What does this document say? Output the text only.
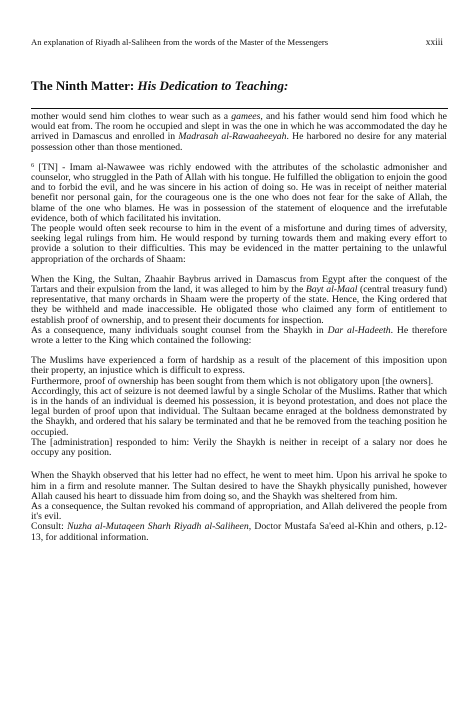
An explanation of Riyadh al-Saliheen from the words of the Master of the Messengers	xxiii
The Ninth Matter: His Dedication to Teaching:

mother would send him clothes to wear such as a gamees, and his father would send him food which he would eat from. The room he occupied and slept in was the one in which he was accommodated the day he arrived in Damascus and enrolled in Madrasah al-Rawaaheeyah. He harbored no desire for any material possession other than those mentioned.

$^6$ [TN] - Imam al-Nawawee was richly endowed with the attributes of the scholastic admonisher and counselor, who struggled in the Path of Allah with his tongue. He fulfilled the obligation to enjoin the good and to forbid the evil, and he was sincere in his action of doing so. He was in receipt of neither material benefit nor personal gain, for the courageous one is the one who does not fear for the sake of Allah, the blame of the one who blames. He was in possession of the statement of eloquence and the irrefutable evidence, both of which facilitated his invitation.

The people would often seek recourse to him in the event of a misfortune and during times of adversity, seeking legal rulings from him. He would respond by turning towards them and making every effort to provide a solution to their difficulties. This may be evidenced in the matter pertaining to the unlawful appropriation of the orchards of Shaam:

When the King, the Sultan, Zhaahir Baybrus arrived in Damascus from Egypt after the conquest of the Tartars and their expulsion from the land, it was alleged to him by the Bayt al-Maal (central treasury fund) representative, that many orchards in Shaam were the property of the state. Hence, the King ordered that they be withheld and made inaccessible. He obligated those who claimed any form of entitlement to establish proof of ownership, and to present their documents for inspection.

As a consequence, many individuals sought counsel from the Shaykh in Dar al-Hadeeth. He therefore wrote a letter to the King which contained the following:

The Muslims have experienced a form of hardship as a result of the placement of this imposition upon their property, an injustice which is difficult to express.

Furthermore, proof of ownership has been sought from them which is not obligatory upon [the owners].

Accordingly, this act of seizure is not deemed lawful by a single Scholar of the Muslims. Rather that which is in the hands of an individual is deemed his possession, it is beyond protestation, and does not place the legal burden of proof upon that individual. The Sultaan became enraged at the boldness demonstrated by the Shaykh, and ordered that his salary be terminated and that he be removed from the teaching position he occupied.

The [administration] responded to him: Verily the Shaykh is neither in receipt of a salary nor does he occupy any position.

When the Shaykh observed that his letter had no effect, he went to meet him. Upon his arrival he spoke to him in a firm and resolute manner. The Sultan desired to have the Shaykh physically punished, however Allah caused his heart to dissuade him from doing so, and the Shaykh was sheltered from him.

As a consequence, the Sultan revoked his command of appropriation, and Allah delivered the people from it's evil.

Consult: Nuzha al-Mutaqeen Sharh Riyadh al-Saliheen, Doctor Mustafa Sa'eed al-Khin and others, p.12-13, for additional information.
